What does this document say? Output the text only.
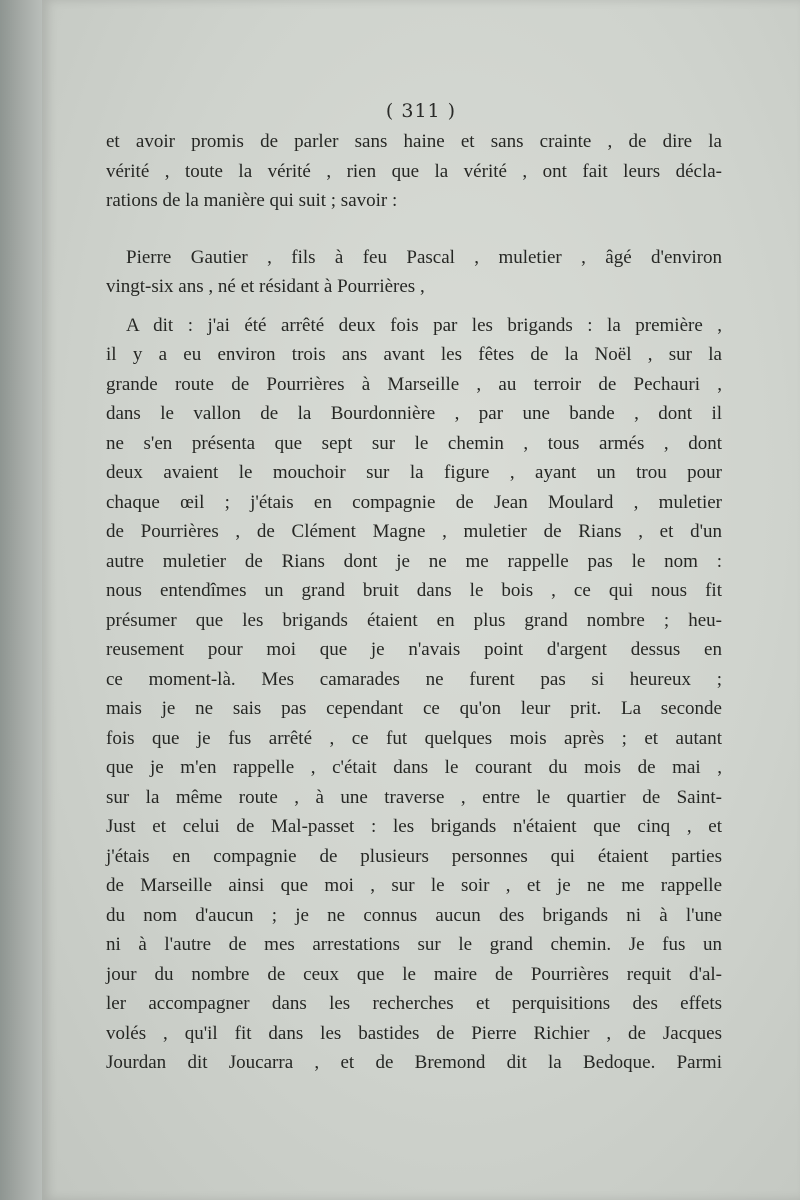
( 311 )
et avoir promis de parler sans haine et sans crainte , de dire la
vérité , toute la vérité , rien que la vérité , ont fait leurs décla-
rations de la manière qui suit ; savoir :
Pierre Gautier , fils à feu Pascal , muletier , âgé d'environ
vingt-six ans , né et résidant à Pourrières ,
A dit : j'ai été arrêté deux fois par les brigands : la première ,
il y a eu environ trois ans avant les fêtes de la Noël , sur la
grande route de Pourrières à Marseille , au terroir de Pechauri ,
dans le vallon de la Bourdonnière , par une bande , dont il
ne s'en présenta que sept sur le chemin , tous armés , dont
deux avaient le mouchoir sur la figure , ayant un trou pour
chaque œil ; j'étais en compagnie de Jean Moulard , muletier
de Pourrières , de Clément Magne , muletier de Rians , et d'un
autre muletier de Rians dont je ne me rappelle pas le nom :
nous entendîmes un grand bruit dans le bois , ce qui nous fit
présumer que les brigands étaient en plus grand nombre ; heu-
reusement pour moi que je n'avais point d'argent dessus en
ce moment-là. Mes camarades ne furent pas si heureux ;
mais je ne sais pas cependant ce qu'on leur prit. La seconde
fois que je fus arrêté , ce fut quelques mois après ; et autant
que je m'en rappelle , c'était dans le courant du mois de mai ,
sur la même route , à une traverse , entre le quartier de Saint-
Just et celui de Mal-passet : les brigands n'étaient que cinq , et
j'étais en compagnie de plusieurs personnes qui étaient parties
de Marseille ainsi que moi , sur le soir , et je ne me rappelle
du nom d'aucun ; je ne connus aucun des brigands ni à l'une
ni à l'autre de mes arrestations sur le grand chemin. Je fus un
jour du nombre de ceux que le maire de Pourrières requit d'al-
ler accompagner dans les recherches et perquisitions des effets
volés , qu'il fit dans les bastides de Pierre Richier , de Jacques
Jourdan dit Joucarra , et de Bremond dit la Bedoque. Parmi
